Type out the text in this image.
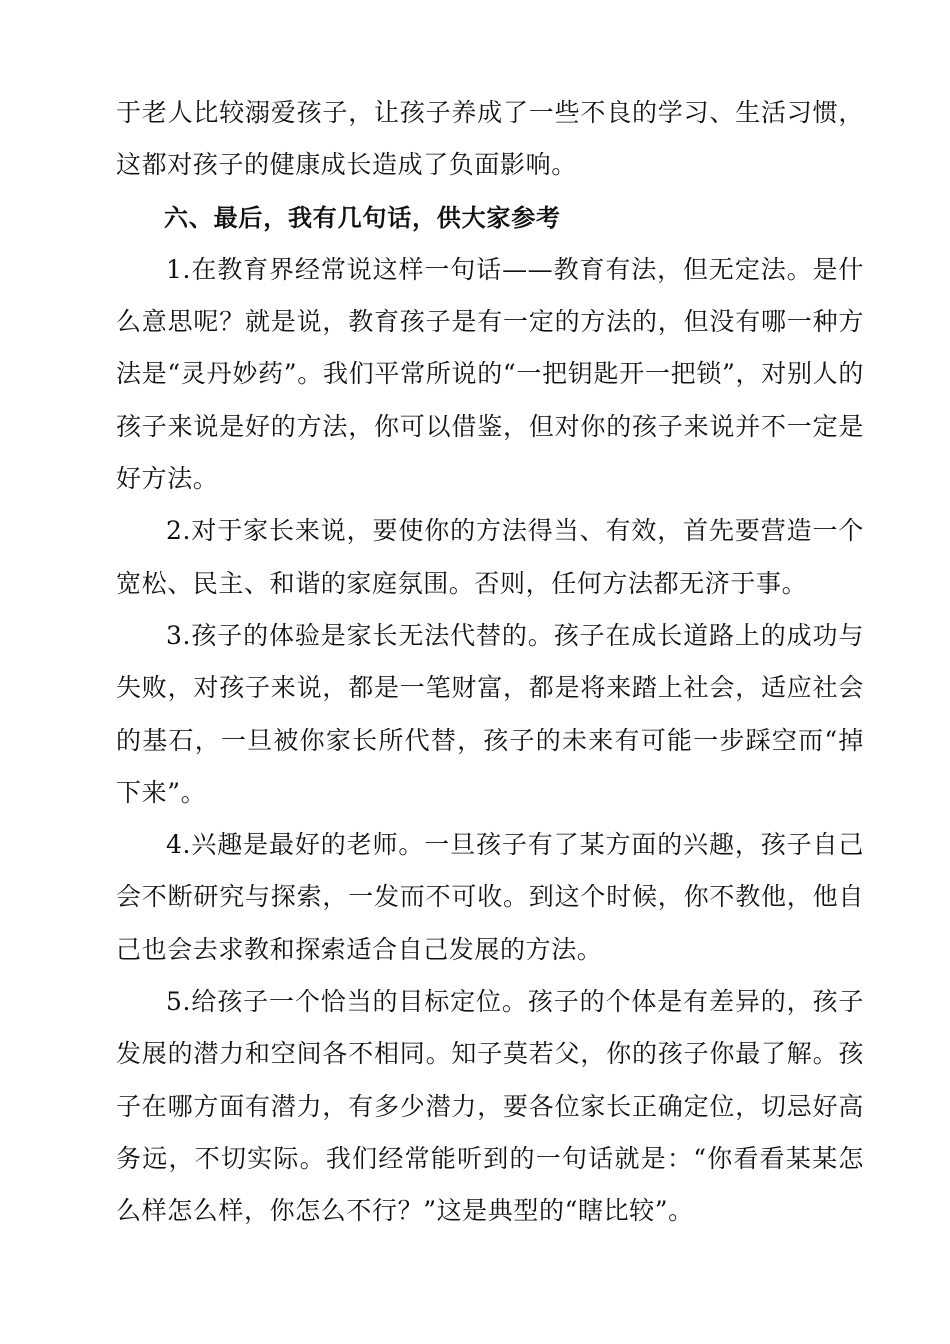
于老人比较溺爱孩子，让孩子养成了一些不良的学习、生活习惯，这都对孩子的健康成长造成了负面影响。

六、最后，我有几句话，供大家参考

1.在教育界经常说这样一句话——教育有法，但无定法。是什么意思呢？就是说，教育孩子是有一定的方法的，但没有哪一种方法是“灵丹妙药”。我们平常所说的“一把钥匙开一把锁”，对别人的孩子来说是好的方法，你可以借鉴，但对你的孩子来说并不一定是好方法。

2.对于家长来说，要使你的方法得当、有效，首先要营造一个宽松、民主、和谐的家庭氛围。否则，任何方法都无济于事。

3.孩子的体验是家长无法代替的。孩子在成长道路上的成功与失败，对孩子来说，都是一笔财富，都是将来踏上社会，适应社会的基石，一旦被你家长所代替，孩子的未来有可能一步踩空而“掉下来”。

4.兴趣是最好的老师。一旦孩子有了某方面的兴趣，孩子自己会不断研究与探索，一发而不可收。到这个时候，你不教他，他自己也会去求教和探索适合自己发展的方法。

5.给孩子一个恰当的目标定位。孩子的个体是有差异的，孩子发展的潜力和空间各不相同。知子莫若父，你的孩子你最了解。孩子在哪方面有潜力，有多少潜力，要各位家长正确定位，切忌好高务远，不切实际。我们经常能听到的一句话就是：“你看看某某怎么样怎么样，你怎么不行？”这是典型的“瞎比较”。
